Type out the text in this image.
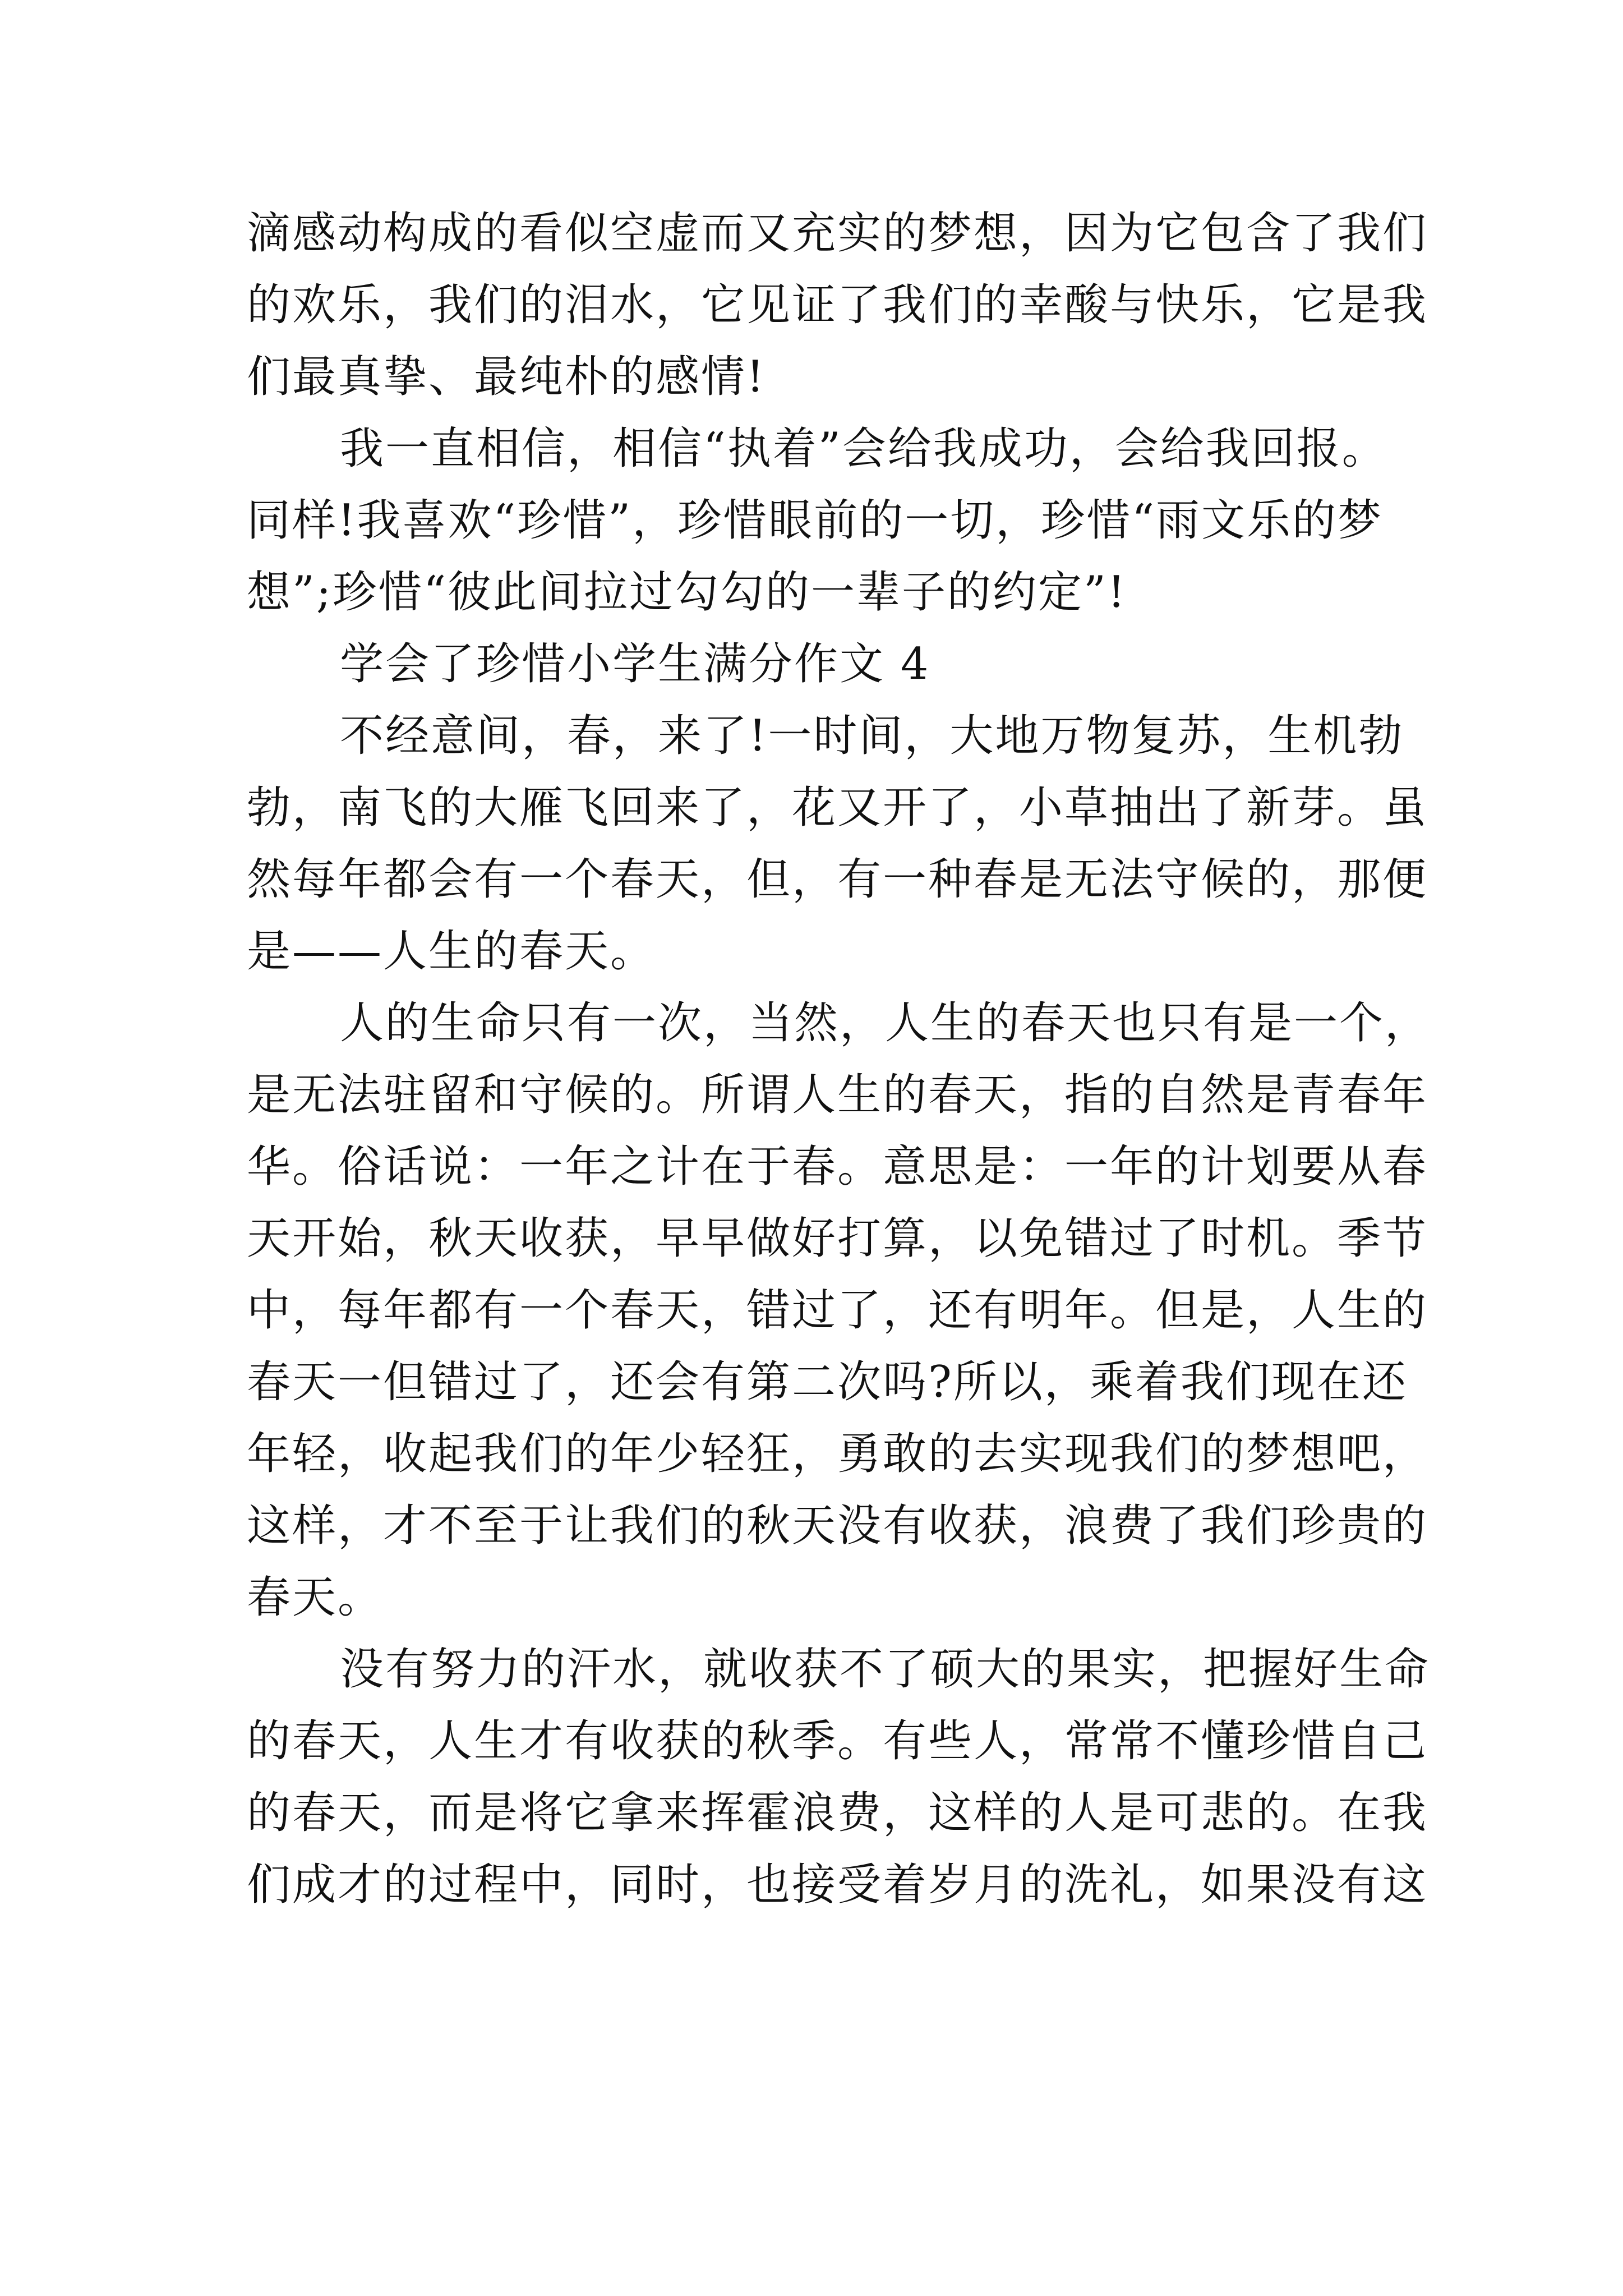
滴感动构成的看似空虚而又充实的梦想，因为它包含了我们
的欢乐，我们的泪水，它见证了我们的幸酸与快乐，它是我
们最真挚、最纯朴的感情!
我一直相信，相信“执着”会给我成功，会给我回报。
同样!我喜欢“珍惜”，珍惜眼前的一切，珍惜“雨文乐的梦
想”;珍惜“彼此间拉过勾勾的一辈子的约定”!
学会了珍惜小学生满分作文 4
不经意间，春，来了!一时间，大地万物复苏，生机勃
勃，南飞的大雁飞回来了，花又开了，小草抽出了新芽。虽
然每年都会有一个春天，但，有一种春是无法守候的，那便
是——人生的春天。
人的生命只有一次，当然，人生的春天也只有是一个，
是无法驻留和守候的。所谓人生的春天，指的自然是青春年
华。俗话说：一年之计在于春。意思是：一年的计划要从春
天开始，秋天收获，早早做好打算，以免错过了时机。季节
中，每年都有一个春天，错过了，还有明年。但是，人生的
春天一但错过了，还会有第二次吗?所以，乘着我们现在还
年轻，收起我们的年少轻狂，勇敢的去实现我们的梦想吧，
这样，才不至于让我们的秋天没有收获，浪费了我们珍贵的
春天。
没有努力的汗水，就收获不了硕大的果实，把握好生命
的春天，人生才有收获的秋季。有些人，常常不懂珍惜自己
的春天，而是将它拿来挥霍浪费，这样的人是可悲的。在我
们成才的过程中，同时，也接受着岁月的洗礼，如果没有这
